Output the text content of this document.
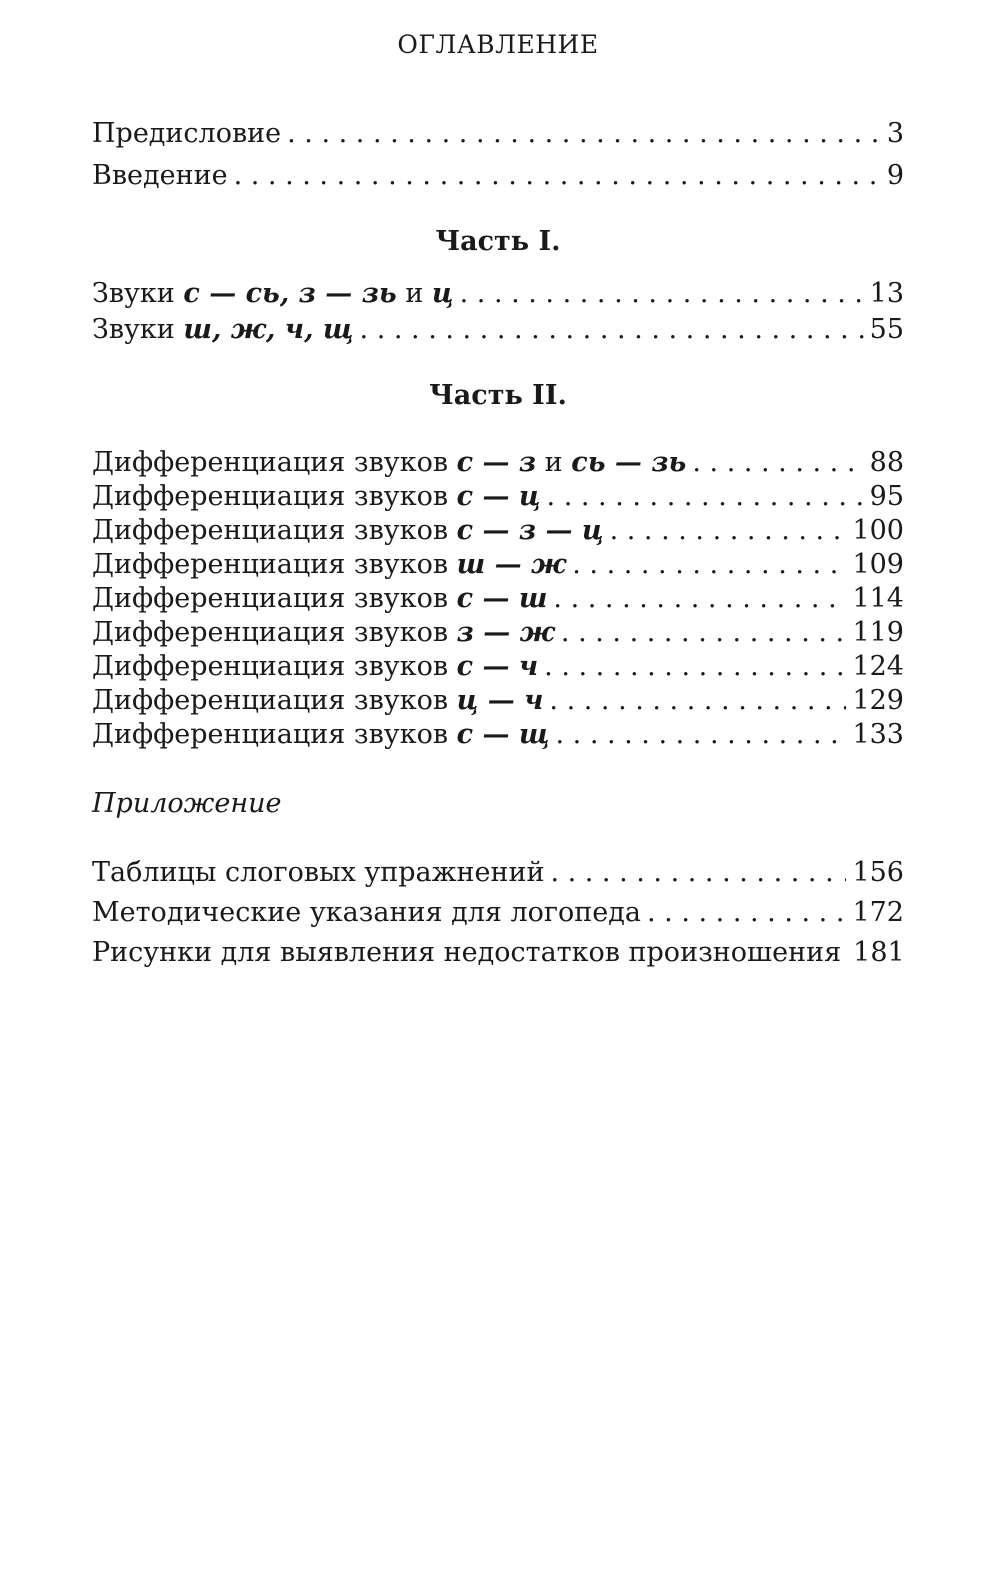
ОГЛАВЛЕНИЕ
Предисловие . . .	3
Введение . . .	9
Часть I.
Звуки с — сь, з — зь и ц . . .	13
Звуки ш, ж, ч, щ . . .	55
Часть II.
Дифференциация звуков с — з и сь — зь . . .	88
Дифференциация звуков с — ц . . .	95
Дифференциация звуков с — з — ц . . .	100
Дифференциация звуков ш — ж . . .	109
Дифференциация звуков с — ш . . .	114
Дифференциация звуков з — ж . . .	119
Дифференциация звуков с — ч . . .	124
Дифференциация звуков ц — ч . . .	129
Дифференциация звуков с — щ . . .	133
Приложение
Таблицы слоговых упражнений . . .	156
Методические указания для логопеда . . .	172
Рисунки для выявления недостатков произношения 181
